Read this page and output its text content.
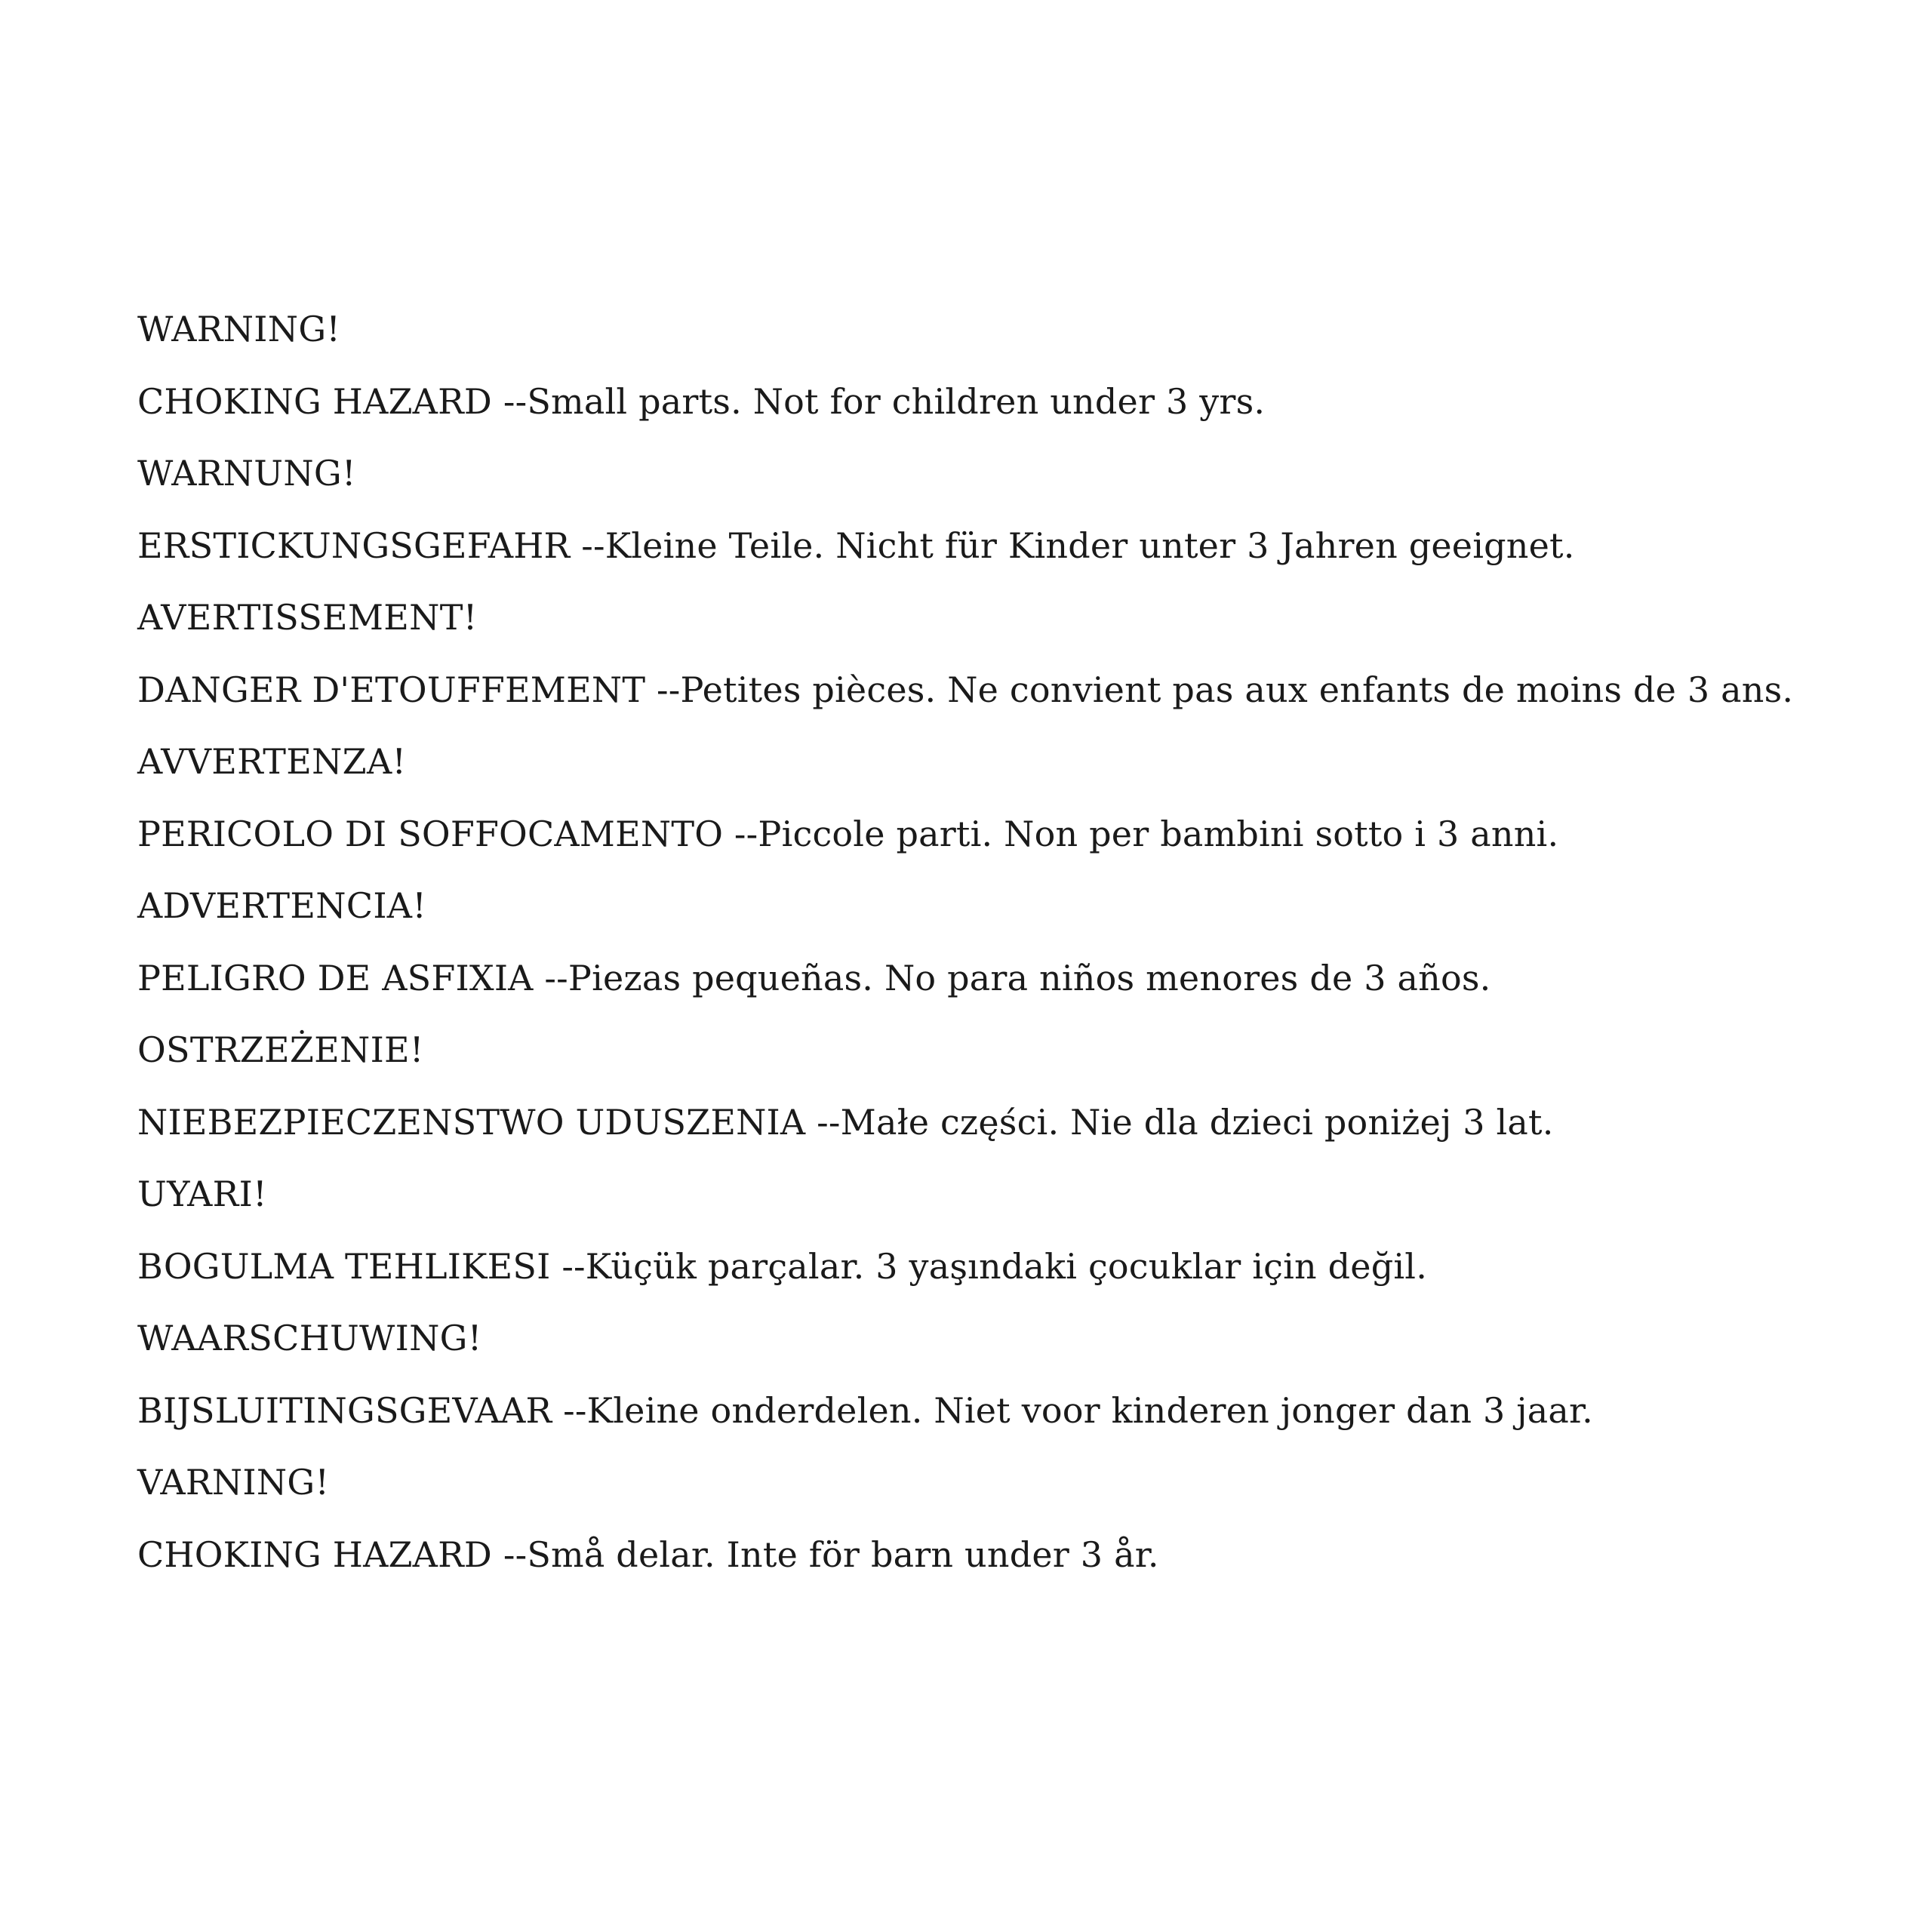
WARNING!
CHOKING HAZARD --Small parts. Not for children under 3 yrs.
WARNUNG!
ERSTICKUNGSGEFAHR --Kleine Teile. Nicht für Kinder unter 3 Jahren geeignet.
AVERTISSEMENT!
DANGER D'ETOUFFEMENT --Petites pièces. Ne convient pas aux enfants de moins de 3 ans.
AVVERTENZA!
PERICOLO DI SOFFOCAMENTO --Piccole parti. Non per bambini sotto i 3 anni.
ADVERTENCIA!
PELIGRO DE ASFIXIA --Piezas pequeñas. No para niños menores de 3 años.
OSTRZEŻENIE!
NIEBEZPIECZENSTWO UDUSZENIA --Małe części. Nie dla dzieci poniżej 3 lat.
UYARI!
BOGULMA TEHLIKESI --Küçük parçalar. 3 yaşındaki çocuklar için değil.
WAARSCHUWING!
BIJSLUITINGSGEVAAR --Kleine onderdelen. Niet voor kinderen jonger dan 3 jaar.
VARNING!
CHOKING HAZARD --Små delar. Inte för barn under 3 år.
